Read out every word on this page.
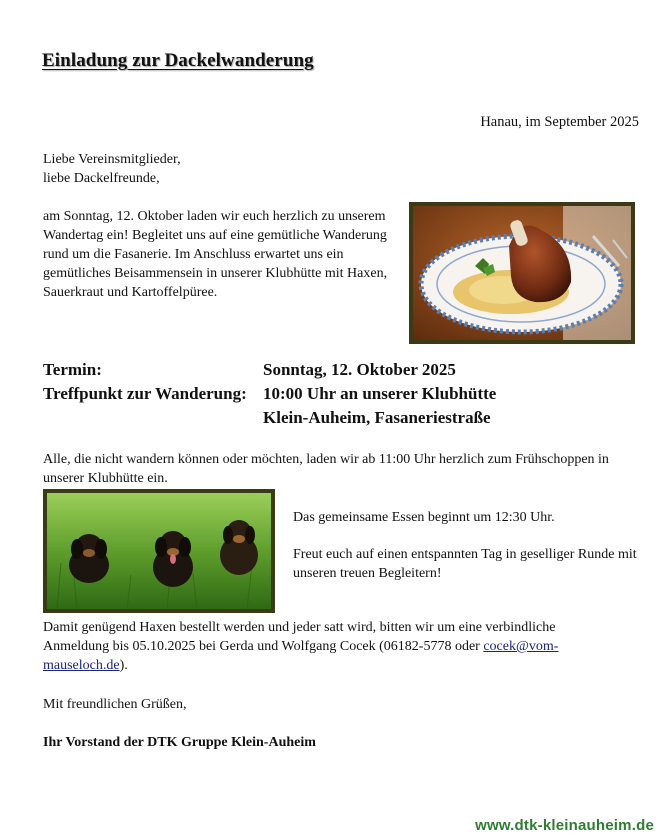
Einladung zur Dackelwanderung
Hanau, im September 2025
Liebe Vereinsmitglieder,
liebe Dackelfreunde,
am Sonntag, 12. Oktober laden wir euch herzlich zu unserem Wandertag ein! Begleitet uns auf eine gemütliche Wanderung rund um die Fasanerie. Im Anschluss erwartet uns ein gemütliches Beisammensein in unserer Klubhütte mit Haxen, Sauerkraut und Kartoffelpüree.
Termin:	Sonntag, 12. Oktober 2025
Treffpunkt zur Wanderung: 10:00 Uhr an unserer Klubhütte
Klein-Auheim, Fasaneriestraße
Alle, die nicht wandern können oder möchten, laden wir ab 11:00 Uhr herzlich zum Frühschoppen in unserer Klubhütte ein.

Das gemeinsame Essen beginnt um 12:30 Uhr.

Freut euch auf einen entspannten Tag in geselliger Runde mit unseren treuen Begleitern!

Damit genügend Haxen bestellt werden und jeder satt wird, bitten wir um eine verbindliche Anmeldung bis 05.10.2025 bei Gerda und Wolfgang Cocek (06182-5778 oder cocek@vom-mauseloch.de).
Mit freundlichen Grüßen,
Ihr Vorstand der DTK Gruppe Klein-Auheim
www.dtk-kleinauheim.de
